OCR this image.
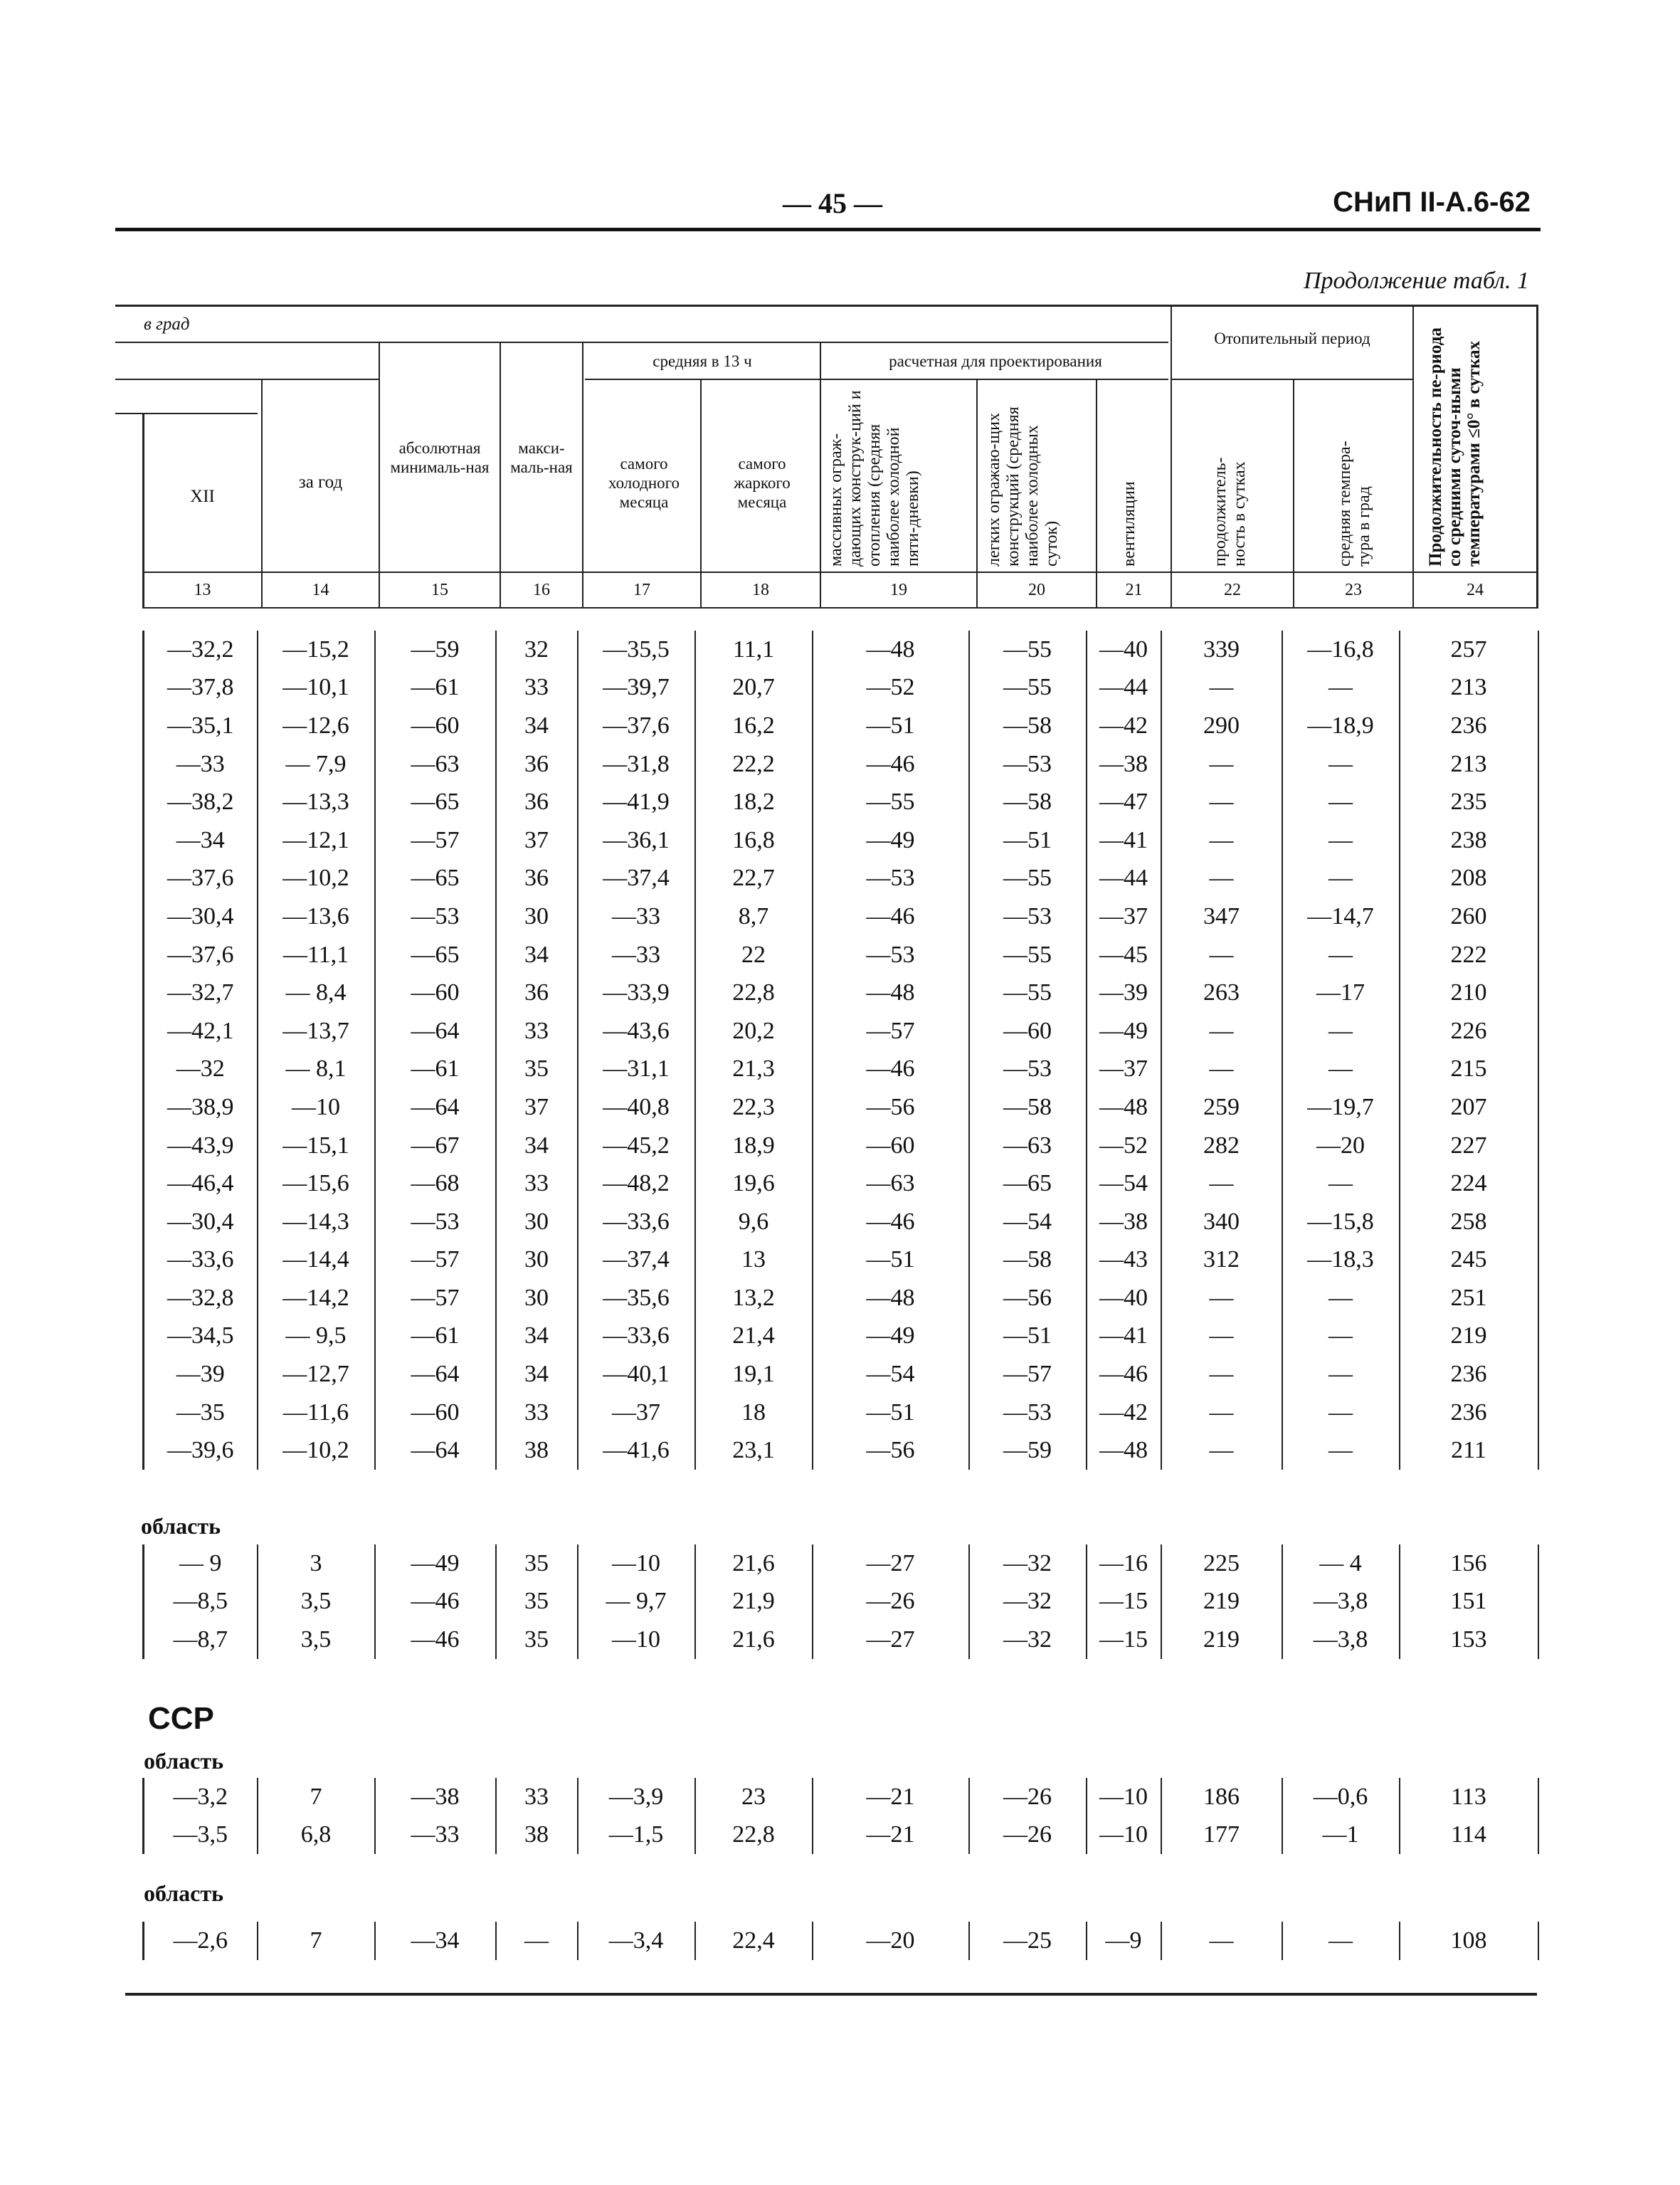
— 45 —	СНиП II-А.6-62
Продолжение табл. 1
в град
средняя в 13 ч	расчетная для проектирования
Отопительный период
XII
за год
абсолютная минималь-ная
макси-маль-ная	самого холодного месяца
самого жаркого месяца	массивных ограж-дающих конструк-ций и отопления (средняя наиболее холодной пяти-дневки)	легких огражаю-щих конструкций (средняя наиболее холодных суток)	вентиляции	продолжитель-ность в сутках	средняя темпера-тура в град	Продолжительность пе-риода со средними суточ-ными температурами ≤0° в сутках
13	14	15	16	17	18	19	20	21	22	23	24
—32,2	—15,2	—59	32	—35,5	11,1	—48	—55	—40	339	—16,8	257
—37,8	—10,1	—61	33	—39,7	20,7	—52	—55	—44	—	—	213
—35,1	—12,6	—60	34	—37,6	16,2	—51	—58	—42	290	—18,9	236
—33	— 7,9	—63	36	—31,8	22,2	—46	—53	—38	—	—	213
—38,2	—13,3	—65	36	—41,9	18,2	—55	—58	—47	—	—	235
—34	—12,1	—57	37	—36,1	16,8	—49	—51	—41	—	—	238
—37,6	—10,2	—65	36	—37,4	22,7	—53	—55	—44	—	—	208
—30,4	—13,6	—53	30	—33	8,7	—46	—53	—37	347	—14,7	260
—37,6	—11,1	—65	34	—33	22	—53	—55	—45	—	—	222
—32,7	— 8,4	—60	36	—33,9	22,8	—48	—55	—39	263	—17	210
—42,1	—13,7	—64	33	—43,6	20,2	—57	—60	—49	—	—	226
—32	— 8,1	—61	35	—31,1	21,3	—46	—53	—37	—	—	215
—38,9	—10	—64	37	—40,8	22,3	—56	—58	—48	259	—19,7	207
—43,9	—15,1	—67	34	—45,2	18,9	—60	—63	—52	282	—20	227
—46,4	—15,6	—68	33	—48,2	19,6	—63	—65	—54	—	—	224
—30,4	—14,3	—53	30	—33,6	9,6	—46	—54	—38	340	—15,8	258
—33,6	—14,4	—57	30	—37,4	13	—51	—58	—43	312	—18,3	245
—32,8	—14,2	—57	30	—35,6	13,2	—48	—56	—40	—	—	251
—34,5	— 9,5	—61	34	—33,6	21,4	—49	—51	—41	—	—	219
—39	—12,7	—64	34	—40,1	19,1	—54	—57	—46	—	—	236
—35	—11,6	—60	33	—37	18	—51	—53	—42	—	—	236
—39,6	—10,2	—64	38	—41,6	23,1	—56	—59	—48	—	—	211
область
— 9	3	—49	35	—10	21,6	—27	—32	—16	225	— 4	156
—8,5	3,5	—46	35	— 9,7	21,9	—26	—32	—15	219	—3,8	151
—8,7	3,5	—46	35	—10	21,6	—27	—32	—15	219	—3,8	153
ССР
область
—3,2	7	—38	33	—3,9	23	—21	—26	—10	186	—0,6	113
—3,5	6,8	—33	38	—1,5	22,8	—21	—26	—10	177	—1	114
область
—2,6	7	—34	—	—3,4	22,4	—20	—25	—9	—	—	108
